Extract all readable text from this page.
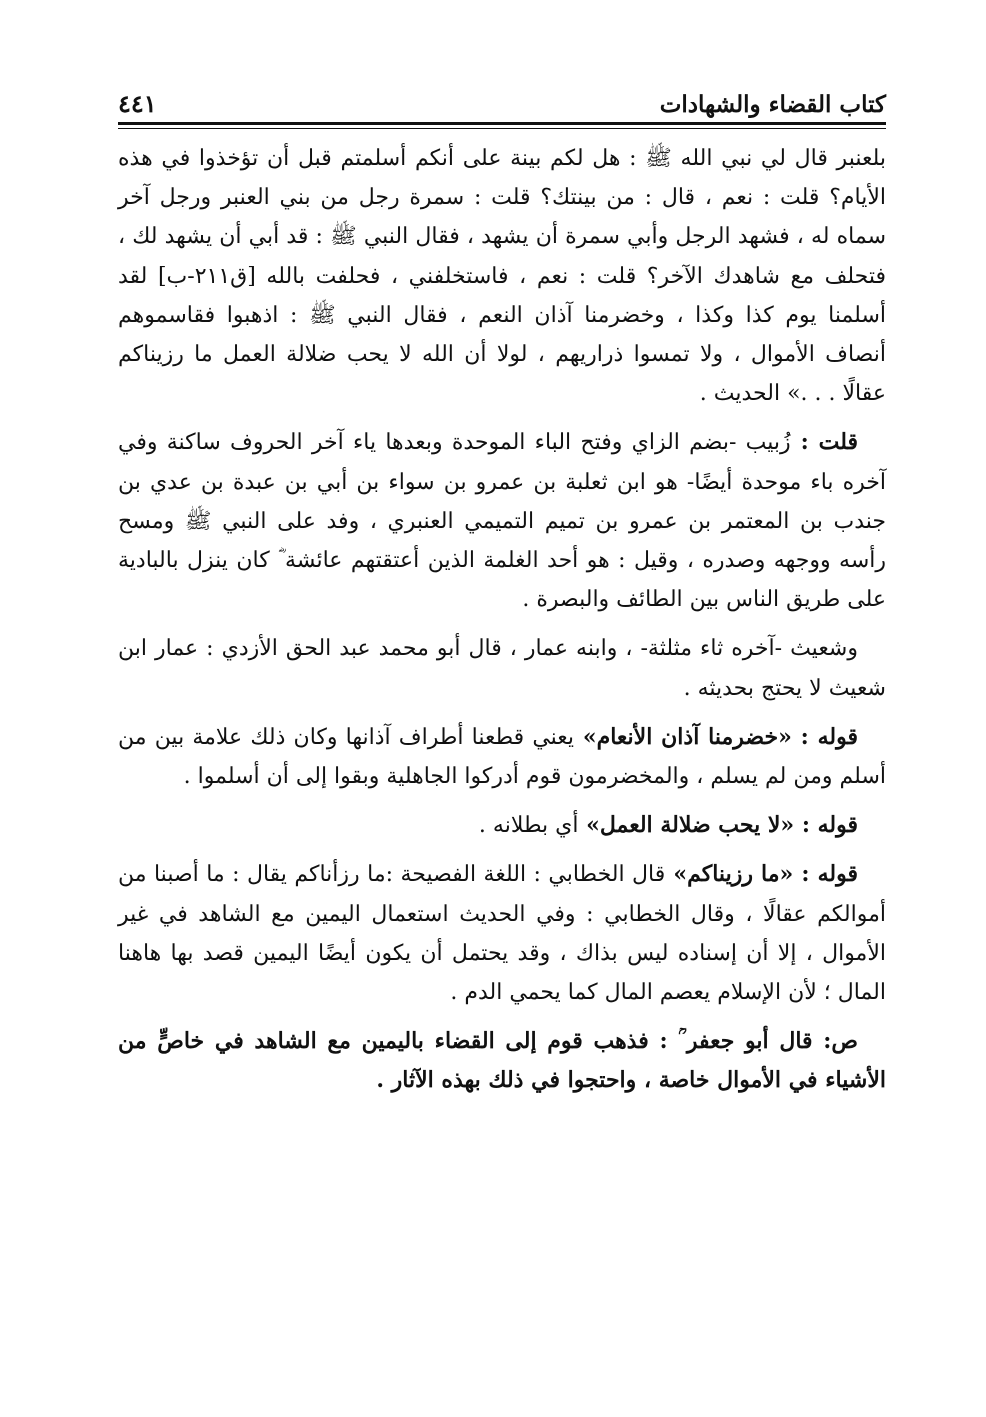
كتاب القضاء والشهادات
٤٤١

بلعنبر قال لي نبي الله ﷺ : هل لكم بينة على أنكم أسلمتم قبل أن تؤخذوا في هذه الأيام؟ قلت : نعم ، قال : من بينتك؟ قلت : سمرة رجل من بني العنبر ورجل آخر سماه له ، فشهد الرجل وأبي سمرة أن يشهد ، فقال النبي ﷺ : قد أبي أن يشهد لك ، فتحلف مع شاهدك الآخر؟ قلت : نعم ، فاستخلفني ، فحلفت بالله [ق٢١١-ب] لقد أسلمنا يوم كذا وكذا ، وخضرمنا آذان النعم ، فقال النبي ﷺ : اذهبوا فقاسموهم أنصاف الأموال ، ولا تمسوا ذراريهم ، لولا أن الله لا يحب ضلالة العمل ما رزيناكم عقالًا . . .» الحديث .

قلت : زُبيب -بضم الزاي وفتح الباء الموحدة وبعدها ياء آخر الحروف ساكنة وفي آخره باء موحدة أيضًا- هو ابن ثعلبة بن عمرو بن سواء بن أبي بن عبدة بن عدي بن جندب بن المعتمر بن عمرو بن تميم التميمي العنبري ، وفد على النبي ﷺ ومسح رأسه ووجهه وصدره ، وقيل : هو أحد الغلمة الذين أعتقتهم عائشة ؓ كان ينزل بالبادية على طريق الناس بين الطائف والبصرة .

وشعيث -آخره ثاء مثلثة- ، وابنه عمار ، قال أبو محمد عبد الحق الأزدي : عمار ابن شعيث لا يحتج بحديثه .

قوله : «خضرمنا آذان الأنعام» يعني قطعنا أطراف آذانها وكان ذلك علامة بين من أسلم ومن لم يسلم ، والمخضرمون قوم أدركوا الجاهلية وبقوا إلى أن أسلموا .

قوله : «لا يحب ضلالة العمل» أي بطلانه .

قوله : «ما رزيناكم» قال الخطابي : اللغة الفصيحة :ما رزأناكم يقال : ما أصبنا من أموالكم عقالًا ، وقال الخطابي : وفي الحديث استعمال اليمين مع الشاهد في غير الأموال ، إلا أن إسناده ليس بذاك ، وقد يحتمل أن يكون أيضًا اليمين قصد بها هاهنا المال ؛ لأن الإسلام يعصم المال كما يحمي الدم .

ص: قال أبو جعفر ؒ : فذهب قوم إلى القضاء باليمين مع الشاهد في خاصٍّ من الأشياء في الأموال خاصة ، واحتجوا في ذلك بهذه الآثار .
